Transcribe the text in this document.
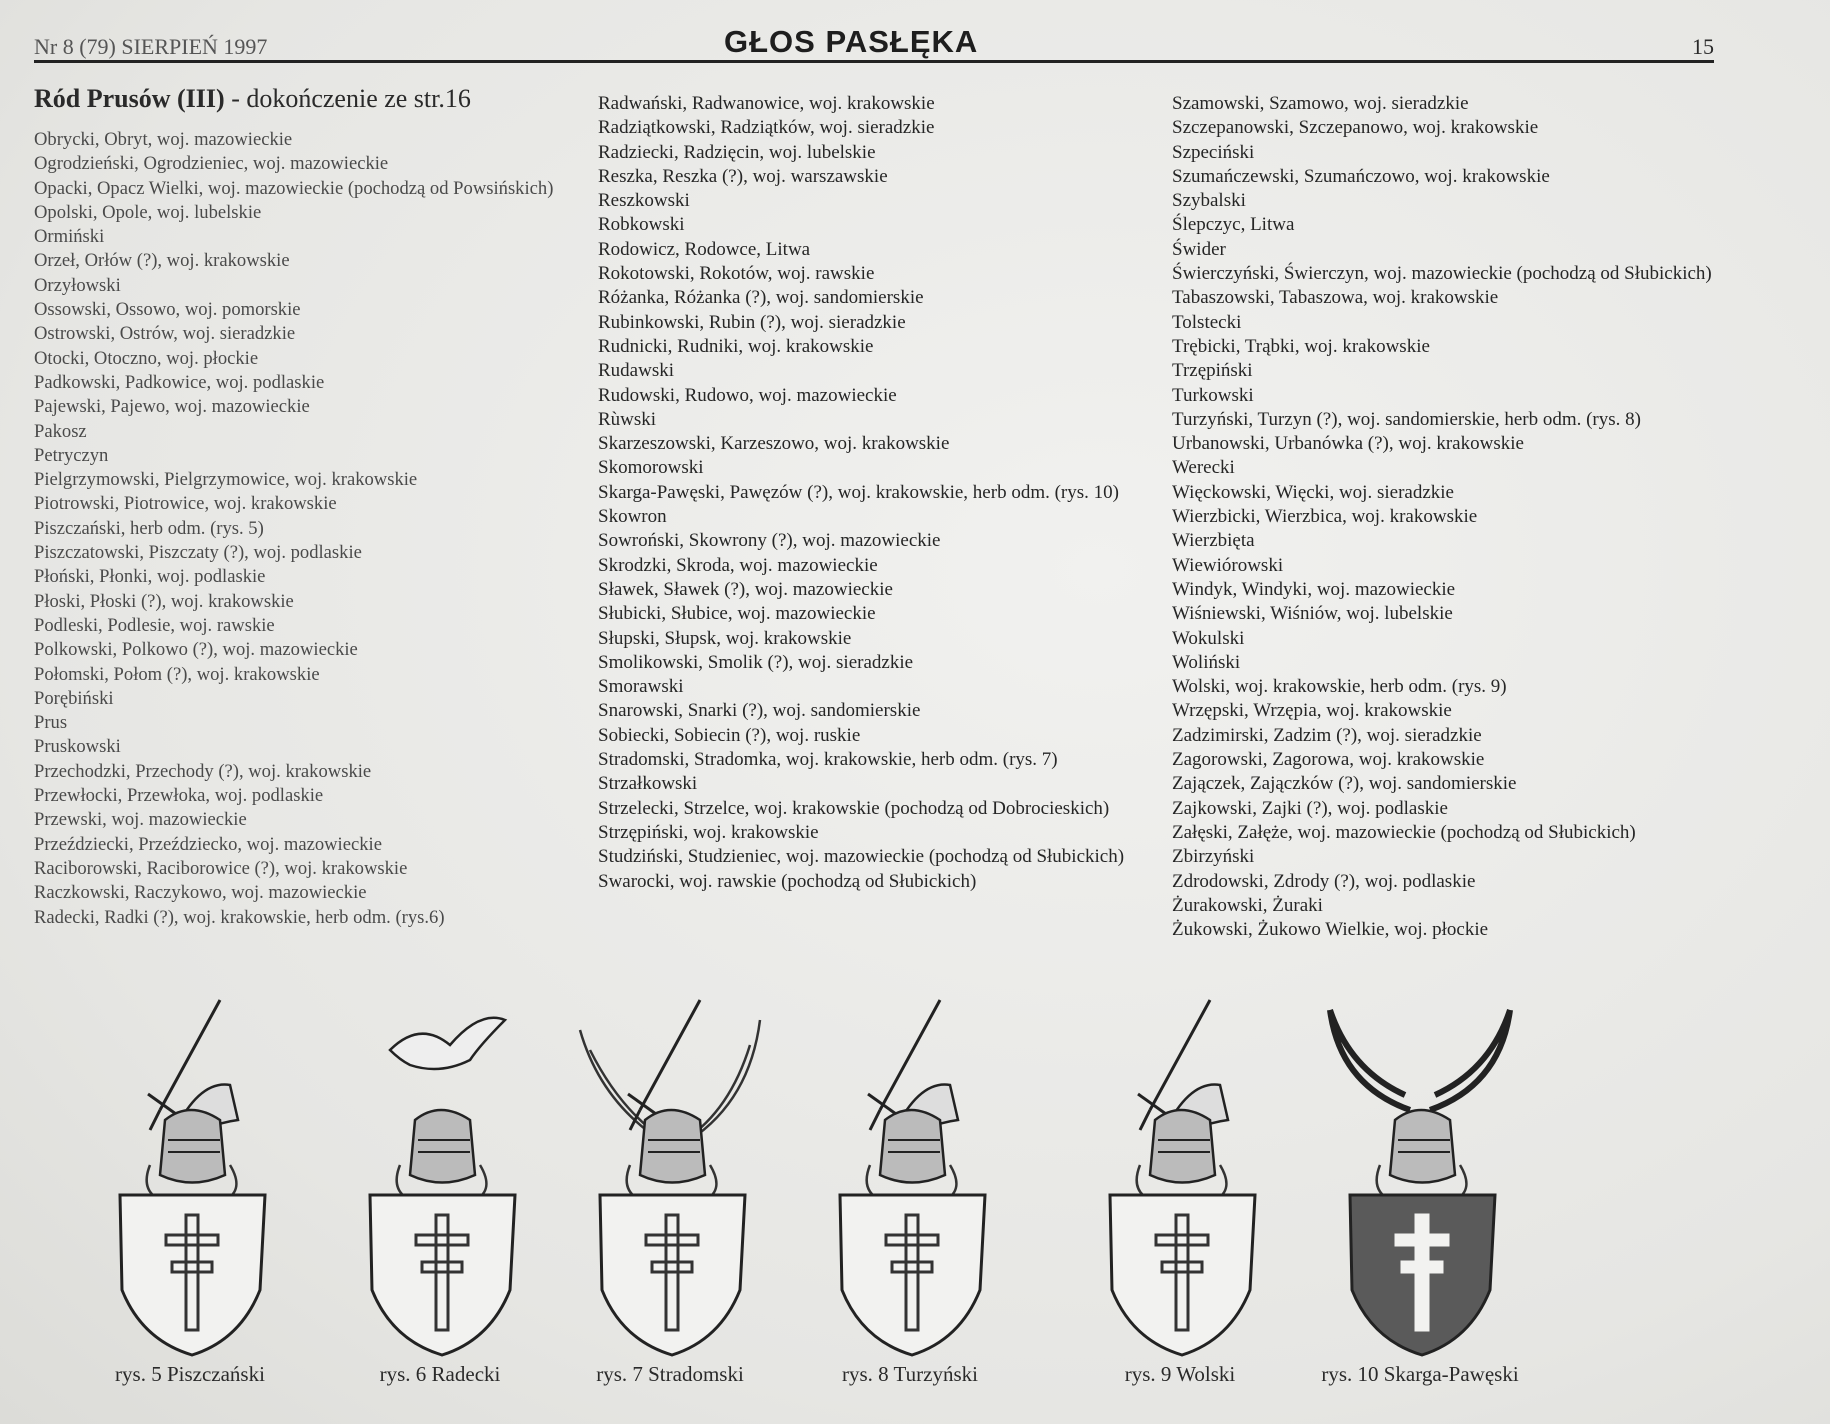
Nr 8 (79) SIERPIEŃ 1997	GŁOS PASŁĘKA	15
Ród Prusów (III) - dokończenie ze str.16
Obrycki, Obryt, woj. mazowieckie
Ogrodzieński, Ogrodzieniec, woj. mazowieckie
Opacki, Opacz Wielki, woj. mazowieckie (pochodzą od Powsińskich)
Opolski, Opole, woj. lubelskie
Ormiński
Orzeł, Orłów (?), woj. krakowskie
Orzyłowski
Ossowski, Ossowo, woj. pomorskie
Ostrowski, Ostrów, woj. sieradzkie
Otocki, Otoczno, woj. płockie
Padkowski, Padkowice, woj. podlaskie
Pajewski, Pajewo, woj. mazowieckie
Pakosz
Petryczyn
Pielgrzymowski, Pielgrzymowice, woj. krakowskie
Piotrowski, Piotrowice, woj. krakowskie
Piszczański, herb odm. (rys. 5)
Piszczatowski, Piszczaty (?), woj. podlaskie
Płoński, Płonki, woj. podlaskie
Płoski, Płoski (?), woj. krakowskie
Podleski, Podlesie, woj. rawskie
Polkowski, Polkowo (?), woj. mazowieckie
Połomski, Połom (?), woj. krakowskie
Porębiński
Prus
Pruskowski
Przechodzki, Przechody (?), woj. krakowskie
Przewłocki, Przewłoka, woj. podlaskie
Przewski, woj. mazowieckie
Przeździecki, Przeździecko, woj. mazowieckie
Raciborowski, Raciborowice (?), woj. krakowskie
Raczkowski, Raczykowo, woj. mazowieckie
Radecki, Radki (?), woj. krakowskie, herb odm. (rys.6)
Radwański, Radwanowice, woj. krakowskie
Radziątkowski, Radziątków, woj. sieradzkie
Radziecki, Radzięcin, woj. lubelskie
Reszka, Reszka (?), woj. warszawskie
Reszkowski
Robkowski
Rodowicz, Rodowce, Litwa
Rokotowski, Rokotów, woj. rawskie
Różanka, Różanka (?), woj. sandomierskie
Rubinkowski, Rubin (?), woj. sieradzkie
Rudnicki, Rudniki, woj. krakowskie
Rudawski
Rudowski, Rudowo, woj. mazowieckie
Rùwski
Skarzeszowski, Karzeszowo, woj. krakowskie
Skomorowski
Skarga-Pawęski, Pawęzów (?), woj. krakowskie, herb odm. (rys. 10)
Skowron
Sowroński, Skowrony (?), woj. mazowieckie
Skrodzki, Skroda, woj. mazowieckie
Sławek, Sławek (?), woj. mazowieckie
Słubicki, Słubice, woj. mazowieckie
Słupski, Słupsk, woj. krakowskie
Smolikowski, Smolik (?), woj. sieradzkie
Smorawski
Snarowski, Snarki (?), woj. sandomierskie
Sobiecki, Sobiecin (?), woj. ruskie
Stradomski, Stradomka, woj. krakowskie, herb odm. (rys. 7)
Strzałkowski
Strzelecki, Strzelce, woj. krakowskie (pochodzą od Dobrocieskich)
Strzępiński, woj. krakowskie
Studziński, Studzieniec, woj. mazowieckie (pochodzą od Słubickich)
Swarocki, woj. rawskie (pochodzą od Słubickich)
Szamowski, Szamowo, woj. sieradzkie
Szczepanowski, Szczepanowo, woj. krakowskie
Szpeciński
Szumańczewski, Szumańczowo, woj. krakowskie
Szybalski
Ślepczyc, Litwa
Świder
Świerczyński, Świerczyn, woj. mazowieckie (pochodzą od Słubickich)
Tabaszowski, Tabaszowa, woj. krakowskie
Tolstecki
Trębicki, Trąbki, woj. krakowskie
Trzępiński
Turkowski
Turzyński, Turzyn (?), woj. sandomierskie, herb odm. (rys. 8)
Urbanowski, Urbanówka (?), woj. krakowskie
Werecki
Więckowski, Więcki, woj. sieradzkie
Wierzbicki, Wierzbica, woj. krakowskie
Wierzbięta
Wiewiórowski
Windyk, Windyki, woj. mazowieckie
Wiśniewski, Wiśniów, woj. lubelskie
Wokulski
Woliński
Wolski, woj. krakowskie, herb odm. (rys. 9)
Wrzępski, Wrzępia, woj. krakowskie
Zadzimirski, Zadzim (?), woj. sieradzkie
Zagorowski, Zagorowa, woj. krakowskie
Zajączek, Zajączków (?), woj. sandomierskie
Zajkowski, Zajki (?), woj. podlaskie
Załęski, Załęże, woj. mazowieckie (pochodzą od Słubickich)
Zbirzyński
Zdrodowski, Zdrody (?), woj. podlaskie
Żurakowski, Żuraki
Żukowski, Żukowo Wielkie, woj. płockie
rys. 5 Piszczański	rys. 6 Radecki	rys. 7 Stradomski	rys. 8 Turzyński	rys. 9 Wolski	rys. 10 Skarga-Pawęski
